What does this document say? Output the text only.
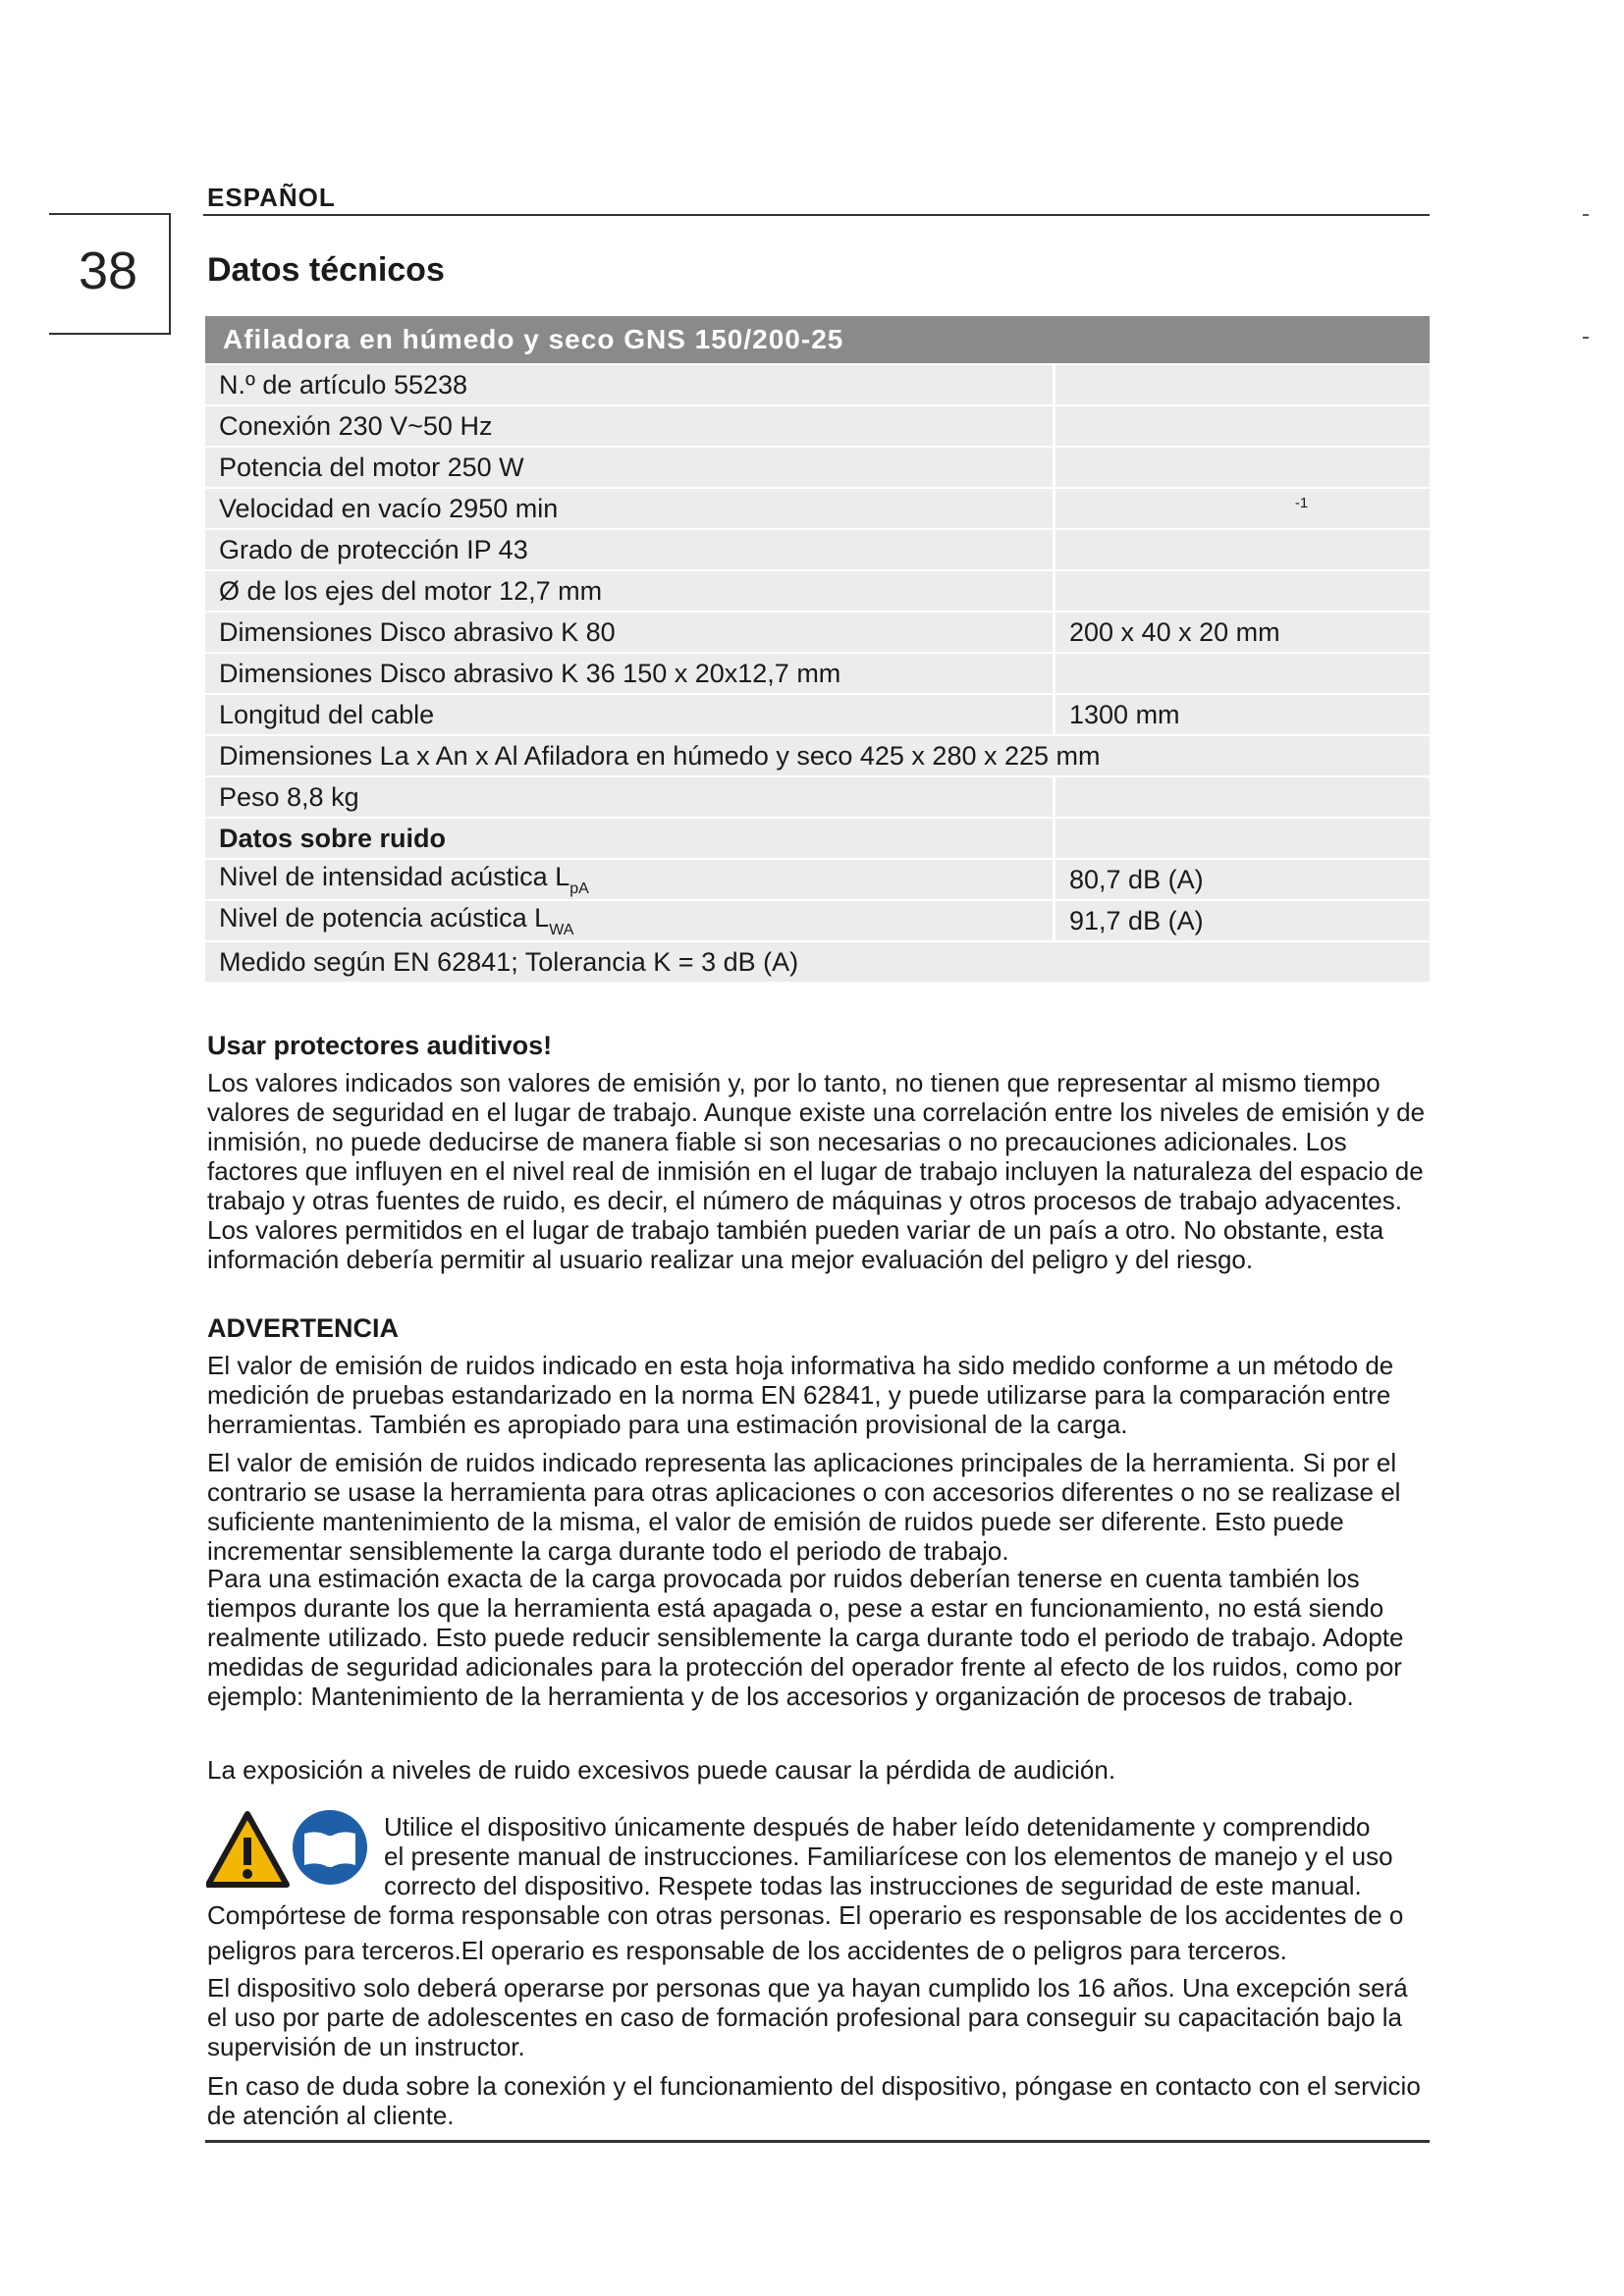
ESPAÑOL
38	Datos técnicos
Afiladora en húmedo y seco GNS 150/200-25	
N.º de artículo 55238	
Conexión 230 V~50 Hz	
Potencia del motor 250 W	
Velocidad en vacío 2950 min	-1

Grado de protección IP 43	
Ø de los ejes del motor 12,7 mm	
Dimensiones Disco abrasivo K 80	200 x 40 x 20 mm
Dimensiones Disco abrasivo K 36 150 x 20x12,7 mm	
Longitud del cable	1300 mm
Dimensiones La x An x Al Afiladora en húmedo y seco 425 x 280 x 225 mm	
Peso 8,8 kg	
Datos sobre ruido	
Nivel de intensidad acústica $L_{pA}$	80,7 dB (A)
Nivel de potencia acústica $L_{WA}$	91,7 dB (A)
Medido según EN 62841; Tolerancia K = 3 dB (A)	
Usar protectores auditivos!

Los valores indicados son valores de emisión y, por lo tanto, no tienen que representar al mismo tiempo valores de seguridad en el lugar de trabajo. Aunque existe una correlación entre los niveles de emisión y de inmisión, no puede deducirse de manera fiable si son necesarias o no precauciones adicionales. Los factores que influyen en el nivel real de inmisión en el lugar de trabajo incluyen la naturaleza del espacio de trabajo y otras fuentes de ruido, es decir, el número de máquinas y otros procesos de trabajo adyacentes. Los valores permitidos en el lugar de trabajo también pueden variar de un país a otro. No obstante, esta información debería permitir al usuario realizar una mejor evaluación del peligro y del riesgo.

ADVERTENCIA

El valor de emisión de ruidos indicado en esta hoja informativa ha sido medido conforme a un método de medición de pruebas estandarizado en la norma EN 62841, y puede utilizarse para la comparación entre herramientas. También es apropiado para una estimación provisional de la carga.

El valor de emisión de ruidos indicado representa las aplicaciones principales de la herramienta. Si por el contrario se usase la herramienta para otras aplicaciones o con accesorios diferentes o no se realizase el suficiente mantenimiento de la misma, el valor de emisión de ruidos puede ser diferente. Esto puede incrementar sensiblemente la carga durante todo el periodo de trabajo.

Para una estimación exacta de la carga provocada por ruidos deberían tenerse en cuenta también los tiempos durante los que la herramienta está apagada o, pese a estar en funcionamiento, no está siendo realmente utilizado. Esto puede reducir sensiblemente la carga durante todo el periodo de trabajo. Adopte medidas de seguridad adicionales para la protección del operador frente al efecto de los ruidos, como por ejemplo: Mantenimiento de la herramienta y de los accesorios y organización de procesos de trabajo.

La exposición a niveles de ruido excesivos puede causar la pérdida de audición.

Utilice el dispositivo únicamente después de haber leído detenidamente y comprendido
el presente manual de instrucciones. Familiarícese con los elementos de manejo y el uso
correcto del dispositivo. Respete todas las instrucciones de seguridad de este manual.
Compórtese de forma responsable con otras personas. El operario es responsable de los accidentes de o
peligros para terceros.El operario es responsable de los accidentes de o peligros para terceros.

El dispositivo solo deberá operarse por personas que ya hayan cumplido los 16 años. Una excepción será el uso por parte de adolescentes en caso de formación profesional para conseguir su capacitación bajo la supervisión de un instructor.

En caso de duda sobre la conexión y el funcionamiento del dispositivo, póngase en contacto con el servicio de atención al cliente.
